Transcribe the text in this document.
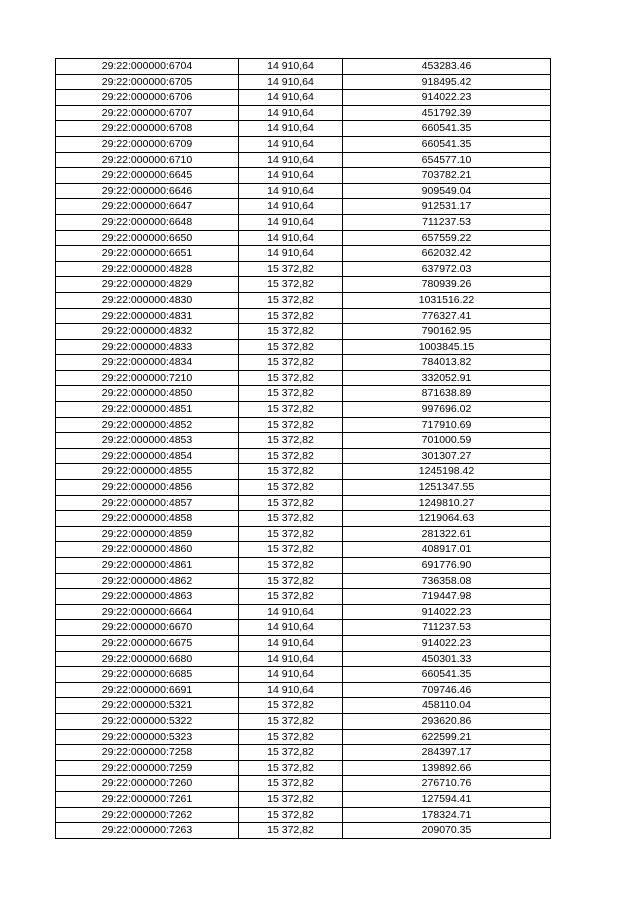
29:22:000000:6704	14 910,64	453283.46
29:22:000000:6705	14 910,64	918495.42
29:22:000000:6706	14 910,64	914022.23
29:22:000000:6707	14 910,64	451792.39
29:22:000000:6708	14 910,64	660541.35
29:22:000000:6709	14 910,64	660541.35
29:22:000000:6710	14 910,64	654577.10
29:22:000000:6645	14 910,64	703782.21
29:22:000000:6646	14 910,64	909549.04
29:22:000000:6647	14 910,64	912531.17
29:22:000000:6648	14 910,64	711237.53
29:22:000000:6650	14 910,64	657559.22
29:22:000000:6651	14 910,64	662032.42
29:22:000000:4828	15 372,82	637972.03
29:22:000000:4829	15 372,82	780939.26
29:22:000000:4830	15 372,82	1031516.22
29:22:000000:4831	15 372,82	776327.41
29:22:000000:4832	15 372,82	790162.95
29:22:000000:4833	15 372,82	1003845.15
29:22:000000:4834	15 372,82	784013.82
29:22:000000:7210	15 372,82	332052.91
29:22:000000:4850	15 372,82	871638.89
29:22:000000:4851	15 372,82	997696.02
29:22:000000:4852	15 372,82	717910.69
29:22:000000:4853	15 372,82	701000.59
29:22:000000:4854	15 372,82	301307.27
29:22:000000:4855	15 372,82	1245198.42
29:22:000000:4856	15 372,82	1251347.55
29:22:000000:4857	15 372,82	1249810.27
29:22:000000:4858	15 372,82	1219064.63
29:22:000000:4859	15 372,82	281322.61
29:22:000000:4860	15 372,82	408917.01
29:22:000000:4861	15 372,82	691776.90
29:22:000000:4862	15 372,82	736358.08
29:22:000000:4863	15 372,82	719447.98
29:22:000000:6664	14 910,64	914022.23
29:22:000000:6670	14 910,64	711237.53
29:22:000000:6675	14 910,64	914022.23
29:22:000000:6680	14 910,64	450301.33
29:22:000000:6685	14 910,64	660541.35
29:22:000000:6691	14 910,64	709746.46
29:22:000000:5321	15 372,82	458110.04
29:22:000000:5322	15 372,82	293620.86
29:22:000000:5323	15 372,82	622599.21
29:22:000000:7258	15 372,82	284397.17
29:22:000000:7259	15 372,82	139892.66
29:22:000000:7260	15 372,82	276710.76
29:22:000000:7261	15 372,82	127594.41
29:22:000000:7262	15 372,82	178324.71
29:22:000000:7263	15 372,82	209070.35
